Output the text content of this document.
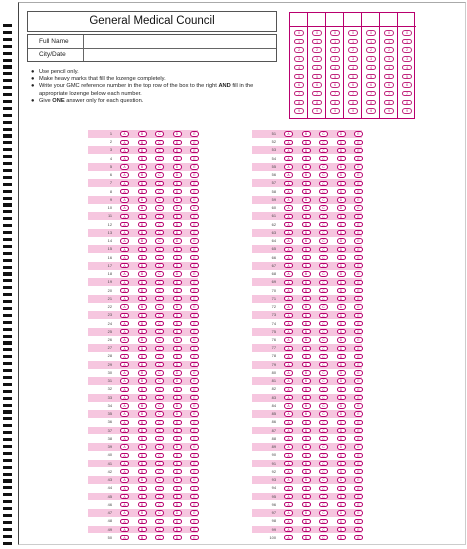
General Medical Council
Full Name
City/Date
● Use pencil only.
● Make heavy marks that fill the lozenge completely.
● Write your GMC reference number in the top row of the box to the right AND fill in the appropriate lozenge below each number.
● Give ONE answer only for each question.
0
1
2
3
4
5
6
7
8
9
0
1
2
3
4
5
6
7
8
9
0
1
2
3
4
5
6
7
8
9
0
1
2
3
4
5
6
7
8
9
0
1
2
3
4
5
6
7
8
9
0
1
2
3
4
5
6
7
8
9
0
1
2
3
4
5
6
7
8
9
1	A	B	C	D	E
2	A	B	C	D	E
3	A	B	C	D	E
4	A	B	C	D	E
5	A	B	C	D	E
6	A	B	C	D	E
7	A	B	C	D	E
8	A	B	C	D	E
9	A	B	C	D	E
10	A	B	C	D	E
11	A	B	C	D	E
12	A	B	C	D	E
13	A	B	C	D	E
14	A	B	C	D	E
15	A	B	C	D	E
16	A	B	C	D	E
17	A	B	C	D	E
18	A	B	C	D	E
19	A	B	C	D	E
20	A	B	C	D	E
21	A	B	C	D	E
22	A	B	C	D	E
23	A	B	C	D	E
24	A	B	C	D	E
25	A	B	C	D	E
26	A	B	C	D	E
27	A	B	C	D	E
28	A	B	C	D	E
29	A	B	C	D	E
30	A	B	C	D	E
31	A	B	C	D	E
32	A	B	C	D	E
33	A	B	C	D	E
34	A	B	C	D	E
35	A	B	C	D	E
36	A	B	C	D	E
37	A	B	C	D	E
38	A	B	C	D	E
39	A	B	C	D	E
40	A	B	C	D	E
41	A	B	C	D	E
42	A	B	C	D	E
43	A	B	C	D	E
44	A	B	C	D	E
45	A	B	C	D	E
46	A	B	C	D	E
47	A	B	C	D	E
48	A	B	C	D	E
49	A	B	C	D	E
50	A	B	C	D	E
51	A	B	C	D	E
52	A	B	C	D	E
53	A	B	C	D	E
54	A	B	C	D	E
55	A	B	C	D	E
56	A	B	C	D	E
57	A	B	C	D	E
58	A	B	C	D	E
59	A	B	C	D	E
60	A	B	C	D	E
61	A	B	C	D	E
62	A	B	C	D	E
63	A	B	C	D	E
64	A	B	C	D	E
65	A	B	C	D	E
66	A	B	C	D	E
67	A	B	C	D	E
68	A	B	C	D	E
69	A	B	C	D	E
70	A	B	C	D	E
71	A	B	C	D	E
72	A	B	C	D	E
73	A	B	C	D	E
74	A	B	C	D	E
75	A	B	C	D	E
76	A	B	C	D	E
77	A	B	C	D	E
78	A	B	C	D	E
79	A	B	C	D	E
80	A	B	C	D	E
81	A	B	C	D	E
82	A	B	C	D	E
83	A	B	C	D	E
84	A	B	C	D	E
85	A	B	C	D	E
86	A	B	C	D	E
87	A	B	C	D	E
88	A	B	C	D	E
89	A	B	C	D	E
90	A	B	C	D	E
91	A	B	C	D	E
92	A	B	C	D	E
93	A	B	C	D	E
94	A	B	C	D	E
95	A	B	C	D	E
96	A	B	C	D	E
97	A	B	C	D	E
98	A	B	C	D	E
99	A	B	C	D	E
100	A	B	C	D	E
